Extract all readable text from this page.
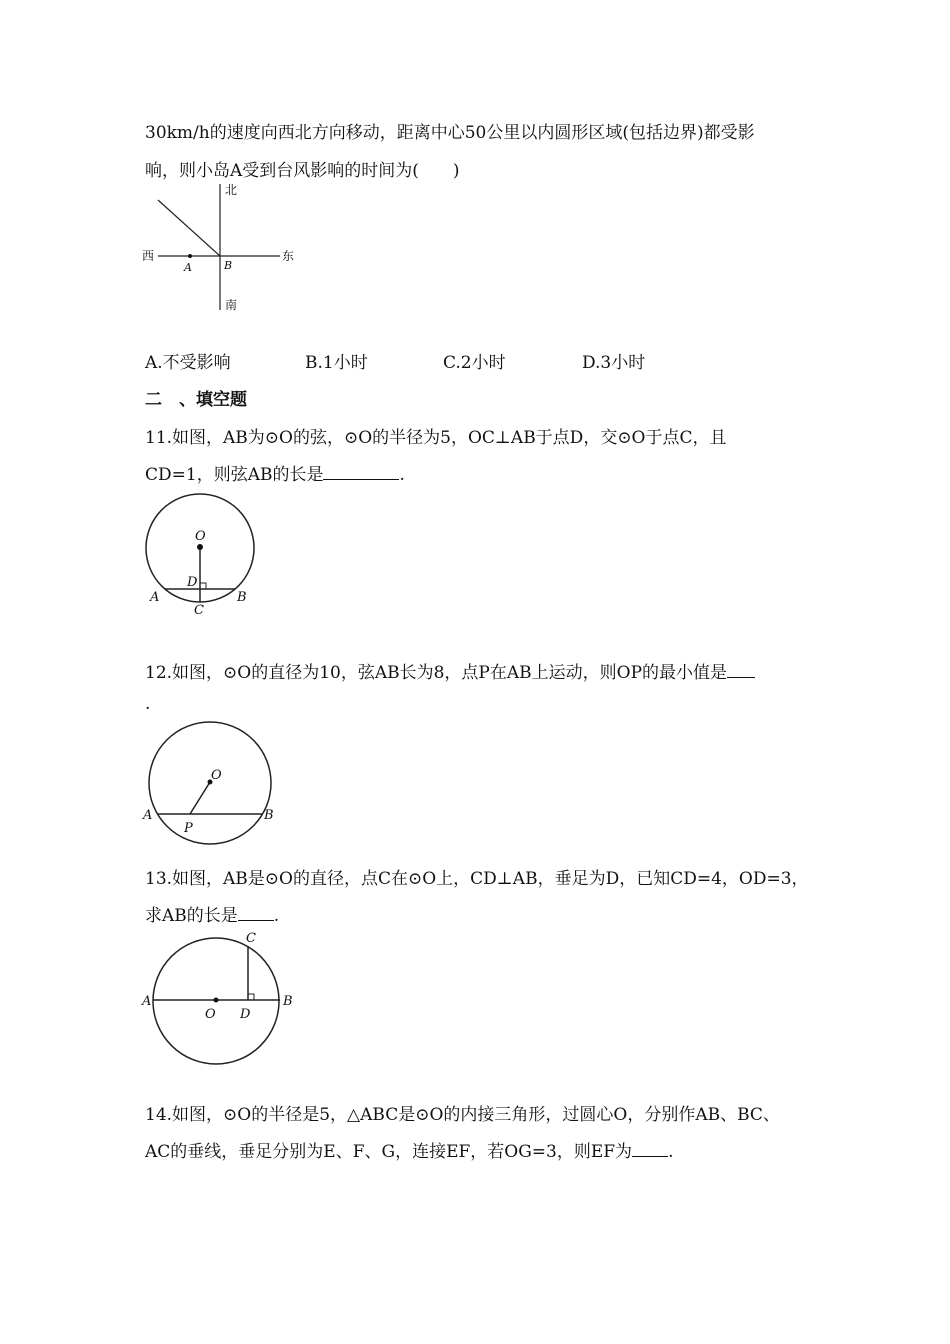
30km/h的速度向西北方向移动，距离中心50公里以内圆形区域(包括边界)都受影
响，则小岛A受到台风影响的时间为(　　)
北
南
西	东
A	B
A.不受影响	B.1小时	C.2小时	D.3小时
二　、填空题
11.如图，AB为⊙O的弦，⊙O的半径为5，OC⊥AB于点D，交⊙O于点C，且
CD=1，则弦AB的长是	.
O
D
A	B
C
12.如图，⊙O的直径为10，弦AB长为8，点P在AB上运动，则OP的最小值是
.
O
A	B
P
13.如图，AB是⊙O的直径，点C在⊙O上，CD⊥AB，垂足为D，已知CD=4，OD=3，
求AB的长是 .
C
A	B
O D
14.如图，⊙O的半径是5，△ABC是⊙O的内接三角形，过圆心O，分别作AB、BC、
AC的垂线，垂足分别为E、F、G，连接EF，若OG=3，则EF为 .
